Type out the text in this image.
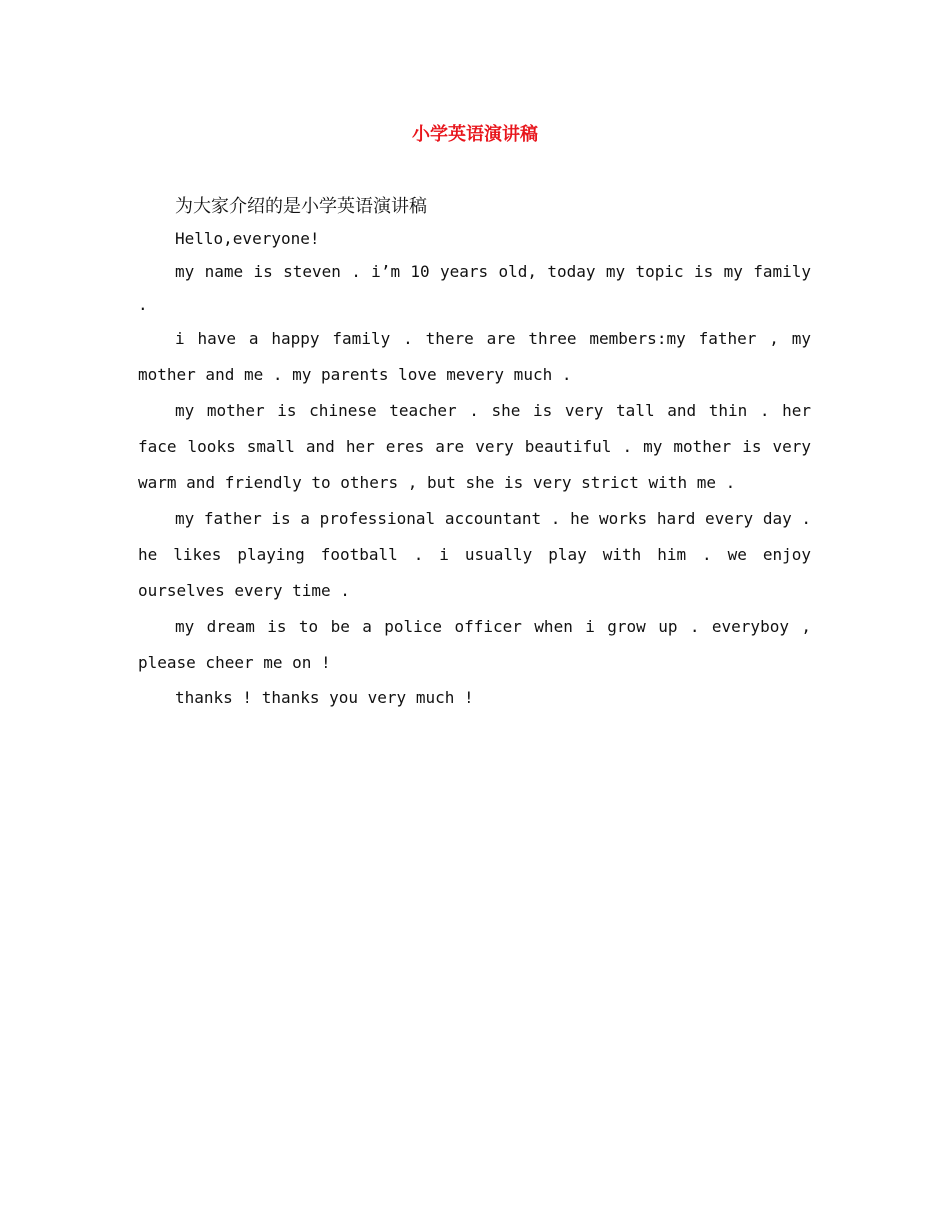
小学英语演讲稿

为大家介绍的是小学英语演讲稿

Hello,everyone!

my name is steven . i’m 10 years old, today my topic is my family .

i have a happy family . there are three members:my father , my mother and me . my parents love mevery much .

my mother is chinese teacher . she is very tall and thin . her face looks small and her eres are very beautiful . my mother is very warm and friendly to others , but she is very strict with me .

my father is a professional accountant . he works hard every day . he likes playing football . i usually play with him . we enjoy ourselves every time .

my dream is to be a police officer when i grow up . everyboy , please cheer me on !

thanks ! thanks you very much !
